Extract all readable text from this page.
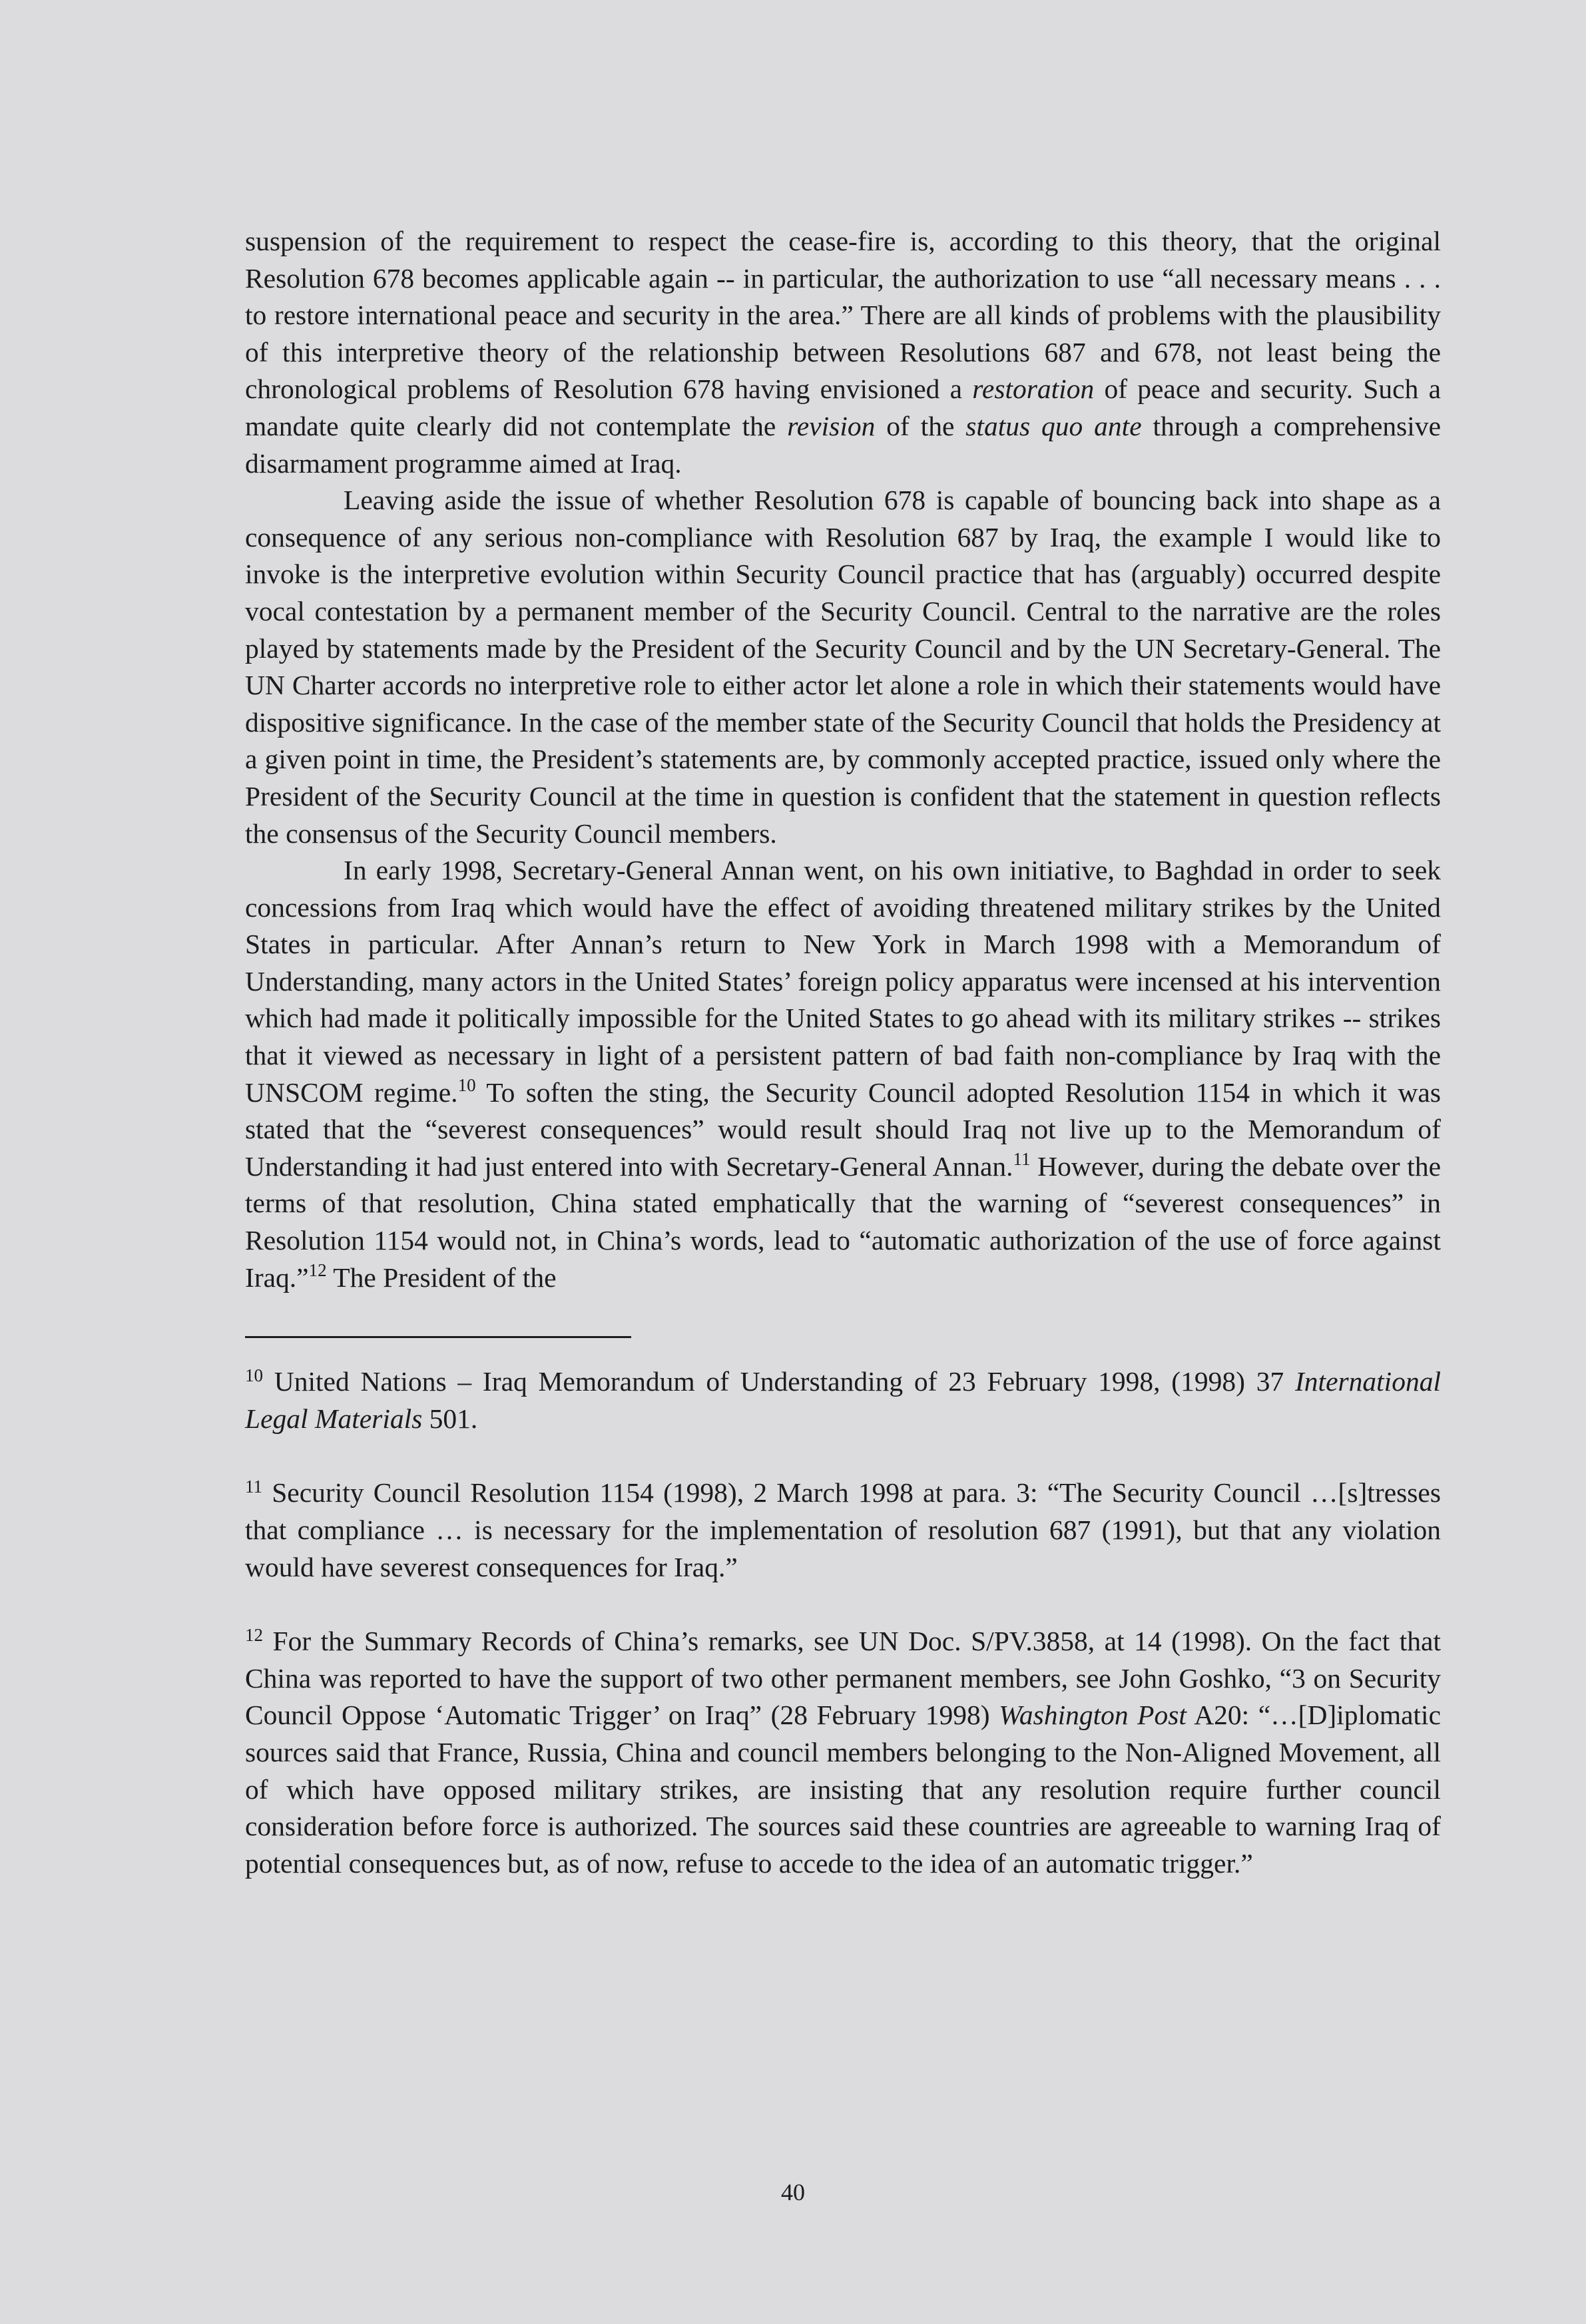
suspension of the requirement to respect the cease-fire is, according to this theory, that the original Resolution 678 becomes applicable again -- in particular, the authorization to use “all necessary means . . . to restore international peace and security in the area.” There are all kinds of problems with the plausibility of this interpretive theory of the relationship between Resolutions 687 and 678, not least being the chronological problems of Resolution 678 having envisioned a restoration of peace and security. Such a mandate quite clearly did not contemplate the revision of the status quo ante through a comprehensive disarmament programme aimed at Iraq.

Leaving aside the issue of whether Resolution 678 is capable of bouncing back into shape as a consequence of any serious non-compliance with Resolution 687 by Iraq, the example I would like to invoke is the interpretive evolution within Security Council practice that has (arguably) occurred despite vocal contestation by a permanent member of the Security Council. Central to the narrative are the roles played by statements made by the President of the Security Council and by the UN Secretary-General. The UN Charter accords no interpretive role to either actor let alone a role in which their statements would have dispositive significance. In the case of the member state of the Security Council that holds the Presidency at a given point in time, the President’s statements are, by commonly accepted practice, issued only where the President of the Security Council at the time in question is confident that the statement in question reflects the consensus of the Security Council members.

In early 1998, Secretary-General Annan went, on his own initiative, to Baghdad in order to seek concessions from Iraq which would have the effect of avoiding threatened military strikes by the United States in particular. After Annan’s return to New York in March 1998 with a Memorandum of Understanding, many actors in the United States’ foreign policy apparatus were incensed at his intervention which had made it politically impossible for the United States to go ahead with its military strikes -- strikes that it viewed as necessary in light of a persistent pattern of bad faith non-compliance by Iraq with the UNSCOM regime.$^{10}$ To soften the sting, the Security Council adopted Resolution 1154 in which it was stated that the “severest consequences” would result should Iraq not live up to the Memorandum of Understanding it had just entered into with Secretary-General Annan.$^{11}$ However, during the debate over the terms of that resolution, China stated emphatically that the warning of “severest consequences” in Resolution 1154 would not, in China’s words, lead to “automatic authorization of the use of force against Iraq.”$^{12}$ The President of the

$^{10}$ United Nations – Iraq Memorandum of Understanding of 23 February 1998, (1998) 37 International Legal Materials 501.

$^{11}$ Security Council Resolution 1154 (1998), 2 March 1998 at para. 3: “The Security Council …[s]tresses that compliance … is necessary for the implementation of resolution 687 (1991), but that any violation would have severest consequences for Iraq.”

$^{12}$ For the Summary Records of China’s remarks, see UN Doc. S/PV.3858, at 14 (1998). On the fact that China was reported to have the support of two other permanent members, see John Goshko, “3 on Security Council Oppose ‘Automatic Trigger’ on Iraq” (28 February 1998) Washington Post A20: “…[D]iplomatic sources said that France, Russia, China and council members belonging to the Non-Aligned Movement, all of which have opposed military strikes, are insisting that any resolution require further council consideration before force is authorized. The sources said these countries are agreeable to warning Iraq of potential consequences but, as of now, refuse to accede to the idea of an automatic trigger.”

40
